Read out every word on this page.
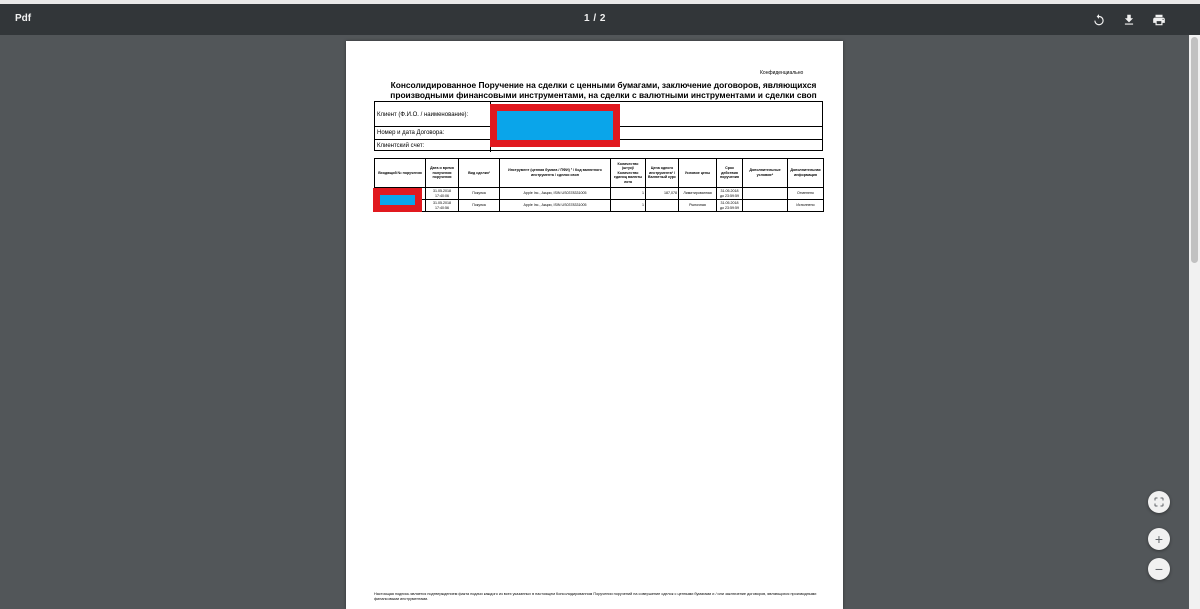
Pdf	1 / 2
Конфиденциально
Консолидированное Поручение на сделки с ценными бумагами, заключение договоров, являющихся
производными финансовыми инструментами, на сделки с валютными инструментами и сделки своп
Клиент (Ф.И.О. / наименование):
Номер и дата Договора:
Клиентский счет:
Входящий № поручения	Дата и время получения поручения	Вид сделки¹	Инструмент (ценная бумага / ПФИ) ² / Код валютного инструмента / сделки своп	Количество (штук)/ Количество единиц валюты лота	Цена одного инструмента³ / Валютный курс	Условие цены	Срок действия поручения	Дополнительные условия⁴	Дополнительная информация
	31.05.2018 17:40:06	Покупка	Apple Inc., Акции, ISIN US0378331005	1	187,078	Лимитированная	31.05.2018 до 23:59:59		Отменено
	31.05.2018 17:40:56	Покупка	Apple Inc., Акции, ISIN US0378331005	1		Рыночная	31.05.2018 до 23:59:59		Исполнено
Настоящая подпись является подтверждением факта подачи каждого из всех указанных в настоящем Консолидированном Поручении поручений на совершение сделок с ценными бумагами и / или заключение договоров, являющихся производными финансовыми инструментами.
+
−
